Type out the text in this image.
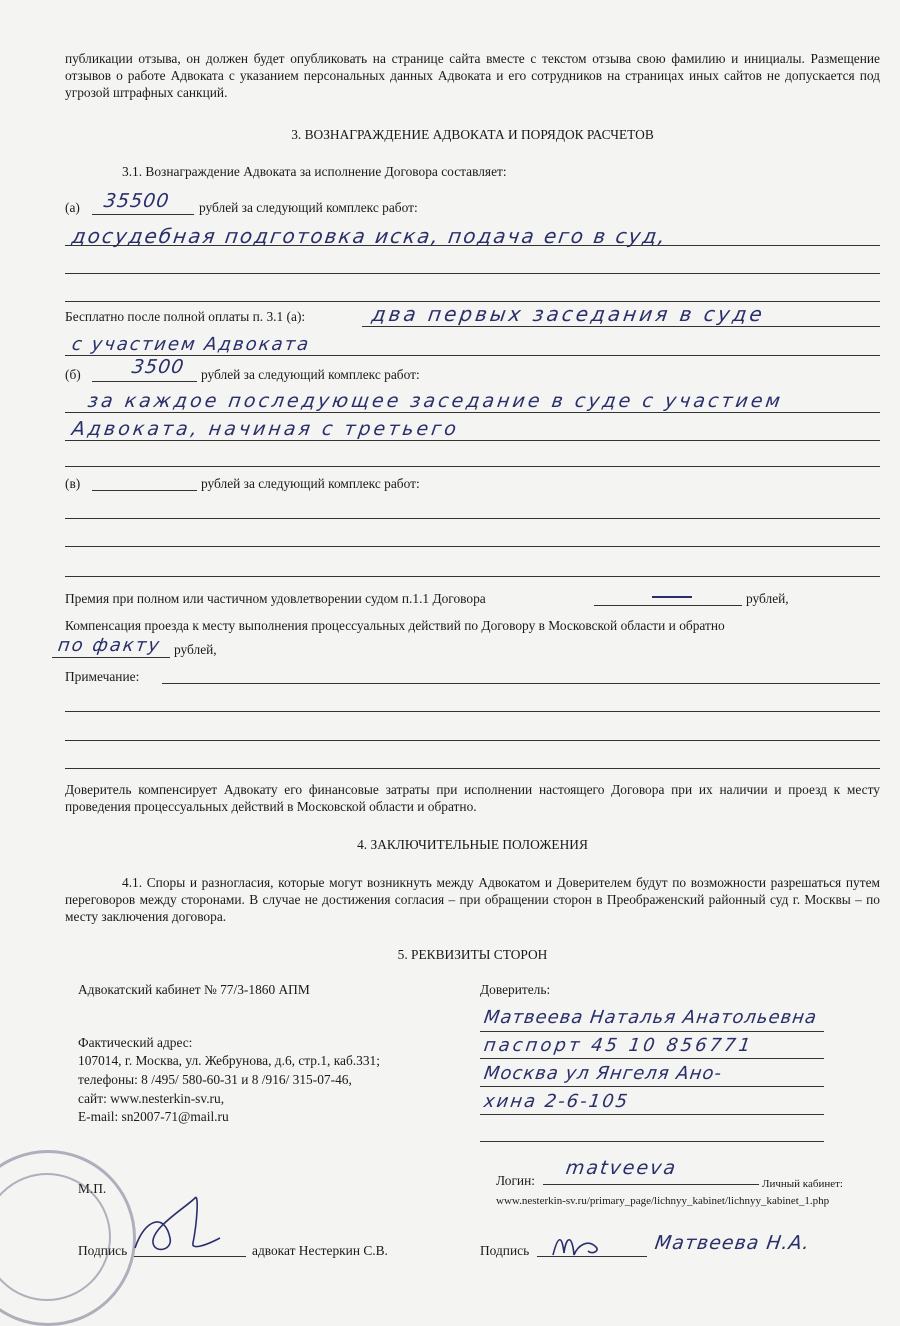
публикации отзыва, он должен будет опубликовать на странице сайта вместе с текстом отзыва свою фамилию и инициалы. Размещение отзывов о работе Адвоката с указанием персональных данных Адвоката и его сотрудников на страницах иных сайтов не допускается под угрозой штрафных санкций.
3. ВОЗНАГРАЖДЕНИЕ АДВОКАТА И ПОРЯДОК РАСЧЕТОВ
3.1. Вознаграждение Адвоката за исполнение Договора составляет:
(а) 35500 рублей за следующий комплекс работ:
досудебная подготовка иска, подача его в суд,
Бесплатно после полной оплаты п. 3.1 (а):	два первых заседания в суде
с участием Адвоката
(б)	3500 рублей за следующий комплекс работ:
за каждое последующее заседание в суде с участием
Адвоката, начиная с третьего
(в)	рублей за следующий комплекс работ:
Премия при полном или частичном удовлетворении судом п.1.1 Договора	рублей,
Компенсация проезда к месту выполнения процессуальных действий по Договору в Московской области и обратно
по факту рублей,
Примечание:
Доверитель компенсирует Адвокату его финансовые затраты при исполнении настоящего Договора при их наличии и проезд к месту проведения процессуальных действий в Московской области и обратно.
4. ЗАКЛЮЧИТЕЛЬНЫЕ ПОЛОЖЕНИЯ
4.1. Споры и разногласия, которые могут возникнуть между Адвокатом и Доверителем будут по возможности разрешаться путем переговоров между сторонами. В случае не достижения согласия – при обращении сторон в Преображенский районный суд г. Москвы – по месту заключения договора.
5. РЕКВИЗИТЫ СТОРОН
Адвокатский кабинет № 77/3-1860 АПМ
Фактический адрес:
107014, г. Москва, ул. Жебрунова, д.6, стр.1, каб.331;
телефоны: 8 /495/ 580-60-31 и 8 /916/ 315-07-46,
сайт: www.nesterkin-sv.ru,
E-mail: sn2007-71@mail.ru
М.П.
Подпись	адвокат Нестеркин С.В.
Доверитель:
Матвеева Наталья Анатольевна
паспорт 45 10 856771
Москва ул Янгеля Ано-
хина 2-6-105
Логин:
matveeva
Личный кабинет:
www.nesterkin-sv.ru/primary_page/lichnyy_kabinet/lichnyy_kabinet_1.php
Подпись	Матвеева Н.А.
